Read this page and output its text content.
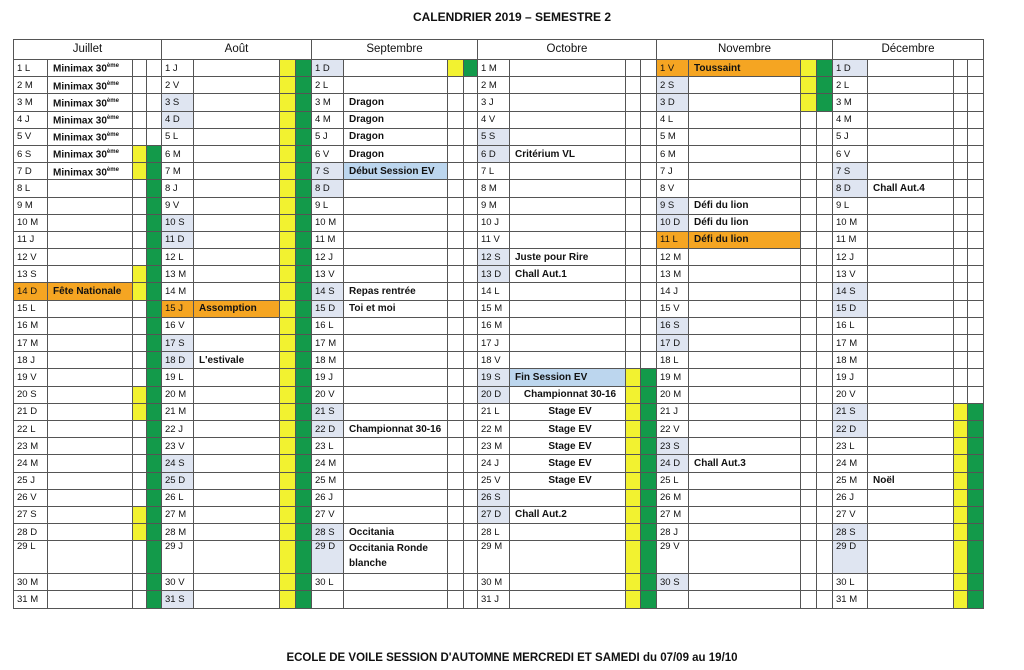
CALENDRIER 2019 – SEMESTRE 2
Juillet				Août				Septembre				Octobre				Novembre				Décembre			
1 L	Minimax 30ème			1 J				1 D				1 M				1 V	Toussaint			1 D			
2 M	Minimax 30ème			2 V				2 L				2 M				2 S				2 L			
3 M	Minimax 30ème			3 S				3 M	Dragon			3 J				3 D				3 M			
4 J	Minimax 30ème			4 D				4 M	Dragon			4 V				4 L				4 M			
5 V	Minimax 30ème			5 L				5 J	Dragon			5 S				5 M				5 J			
6 S	Minimax 30ème			6 M				6 V	Dragon			6 D	Critérium VL			6 M				6 V			
7 D	Minimax 30ème			7 M				7 S	Début Session EV			7 L				7 J				7 S			
8 L				8 J				8 D				8 M				8 V				8 D	Chall Aut.4		
9 M				9 V				9 L				9 M				9 S	Défi du lion			9 L			
10 M				10 S				10 M				10 J				10 D	Défi du lion			10 M			
11 J				11 D				11 M				11 V				11 L	Défi du lion			11 M			
12 V				12 L				12 J				12 S	Juste pour Rire			12 M				12 J			
13 S				13 M				13 V				13 D	Chall Aut.1			13 M				13 V			
14 D	Fête Nationale			14 M				14 S	Repas rentrée			14 L				14 J				14 S			
15 L				15 J	Assomption			15 D	Toi et moi			15 M				15 V				15 D			
16 M				16 V				16 L				16 M				16 S				16 L			
17 M				17 S				17 M				17 J				17 D				17 M			
18 J				18 D	L'estivale			18 M				18 V				18 L				18 M			
19 V				19 L				19 J				19 S	Fin Session EV			19 M				19 J			
20 S				20 M				20 V				20 D	Championnat 30-16			20 M				20 V			
21 D				21 M				21 S				21 L	Stage EV			21 J				21 S			
22 L				22 J				22 D	Championnat 30-16			22 M	Stage EV			22 V				22 D			
23 M				23 V				23 L				23 M	Stage EV			23 S				23 L			
24 M				24 S				24 M				24 J	Stage EV			24 D	Chall Aut.3			24 M			
25 J				25 D				25 M				25 V	Stage EV			25 L				25 M	Noël		
26 V				26 L				26 J				26 S				26 M				26 J			
27 S				27 M				27 V				27 D	Chall Aut.2			27 M				27 V			
28 D				28 M				28 S	Occitania			28 L				28 J				28 S			
29 L				29 J				29 D	Occitania Ronde blanche			29 M				29 V				29 D			
30 M				30 V				30 L				30 M				30 S				30 L			
31 M				31 S								31 J								31 M			
ECOLE DE VOILE SESSION D'AUTOMNE MERCREDI ET SAMEDI du 07/09 au 19/10
